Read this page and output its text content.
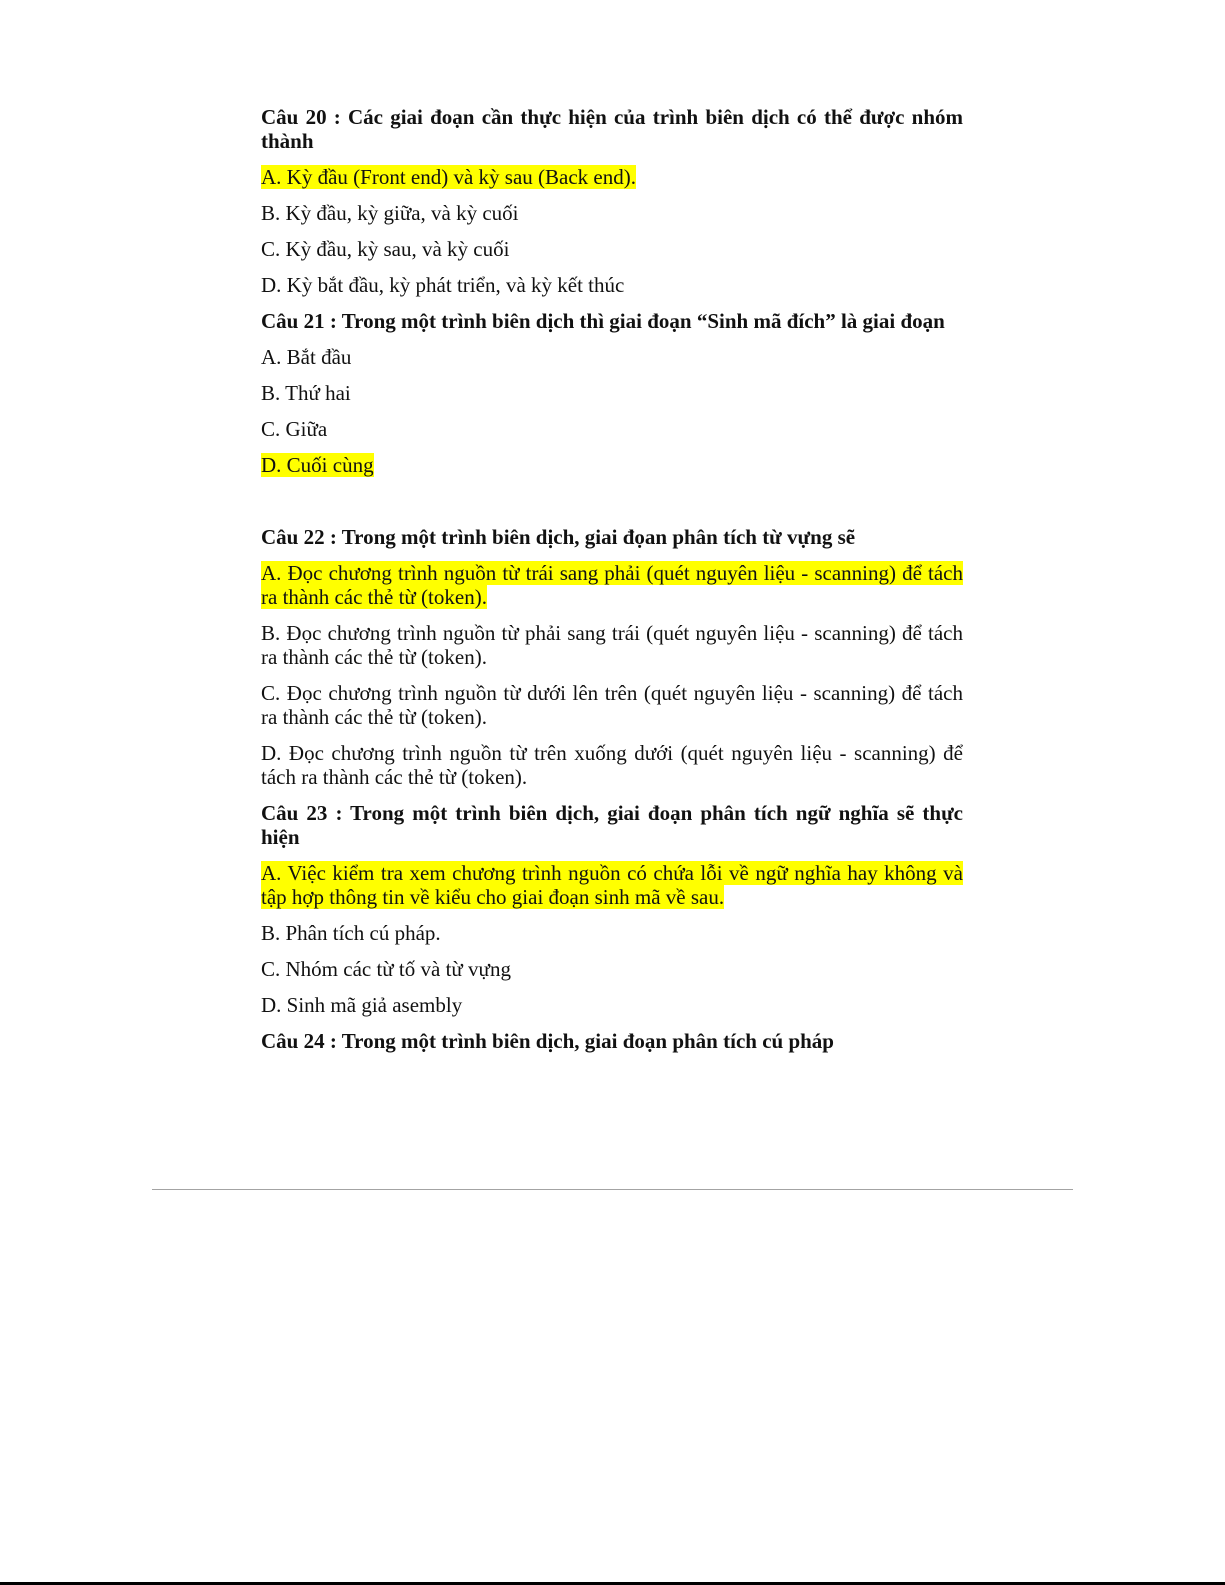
Câu 20 : Các giai đoạn cần thực hiện của trình biên dịch có thể được nhóm thành
A. Kỳ đầu (Front end) và kỳ sau (Back end).
B. Kỳ đầu, kỳ giữa, và kỳ cuối
C. Kỳ đầu, kỳ sau, và kỳ cuối
D. Kỳ bắt đầu, kỳ phát triển, và kỳ kết thúc
Câu 21 : Trong một trình biên dịch thì giai đoạn “Sinh mã đích” là giai đoạn
A. Bắt đầu
B. Thứ hai
C. Giữa
D. Cuối cùng
Câu 22 : Trong một trình biên dịch, giai đọan phân tích từ vựng sẽ
A. Đọc chương trình nguồn từ trái sang phải (quét nguyên liệu - scanning) để tách ra thành các thẻ từ (token).
B. Đọc chương trình nguồn từ phải sang trái (quét nguyên liệu - scanning) để tách ra thành các thẻ từ (token).
C. Đọc chương trình nguồn từ dưới lên trên (quét nguyên liệu - scanning) để tách ra thành các thẻ từ (token).
D. Đọc chương trình nguồn từ trên xuống dưới (quét nguyên liệu - scanning) để tách ra thành các thẻ từ (token).
Câu 23 : Trong một trình biên dịch, giai đoạn phân tích ngữ nghĩa sẽ thực hiện
A. Việc kiểm tra xem chương trình nguồn có chứa lỗi về ngữ nghĩa hay không và tập hợp thông tin về kiểu cho giai đoạn sinh mã về sau.
B. Phân tích cú pháp.
C. Nhóm các từ tố và từ vựng
D. Sinh mã giả asembly
Câu 24 : Trong một trình biên dịch, giai đoạn phân tích cú pháp
